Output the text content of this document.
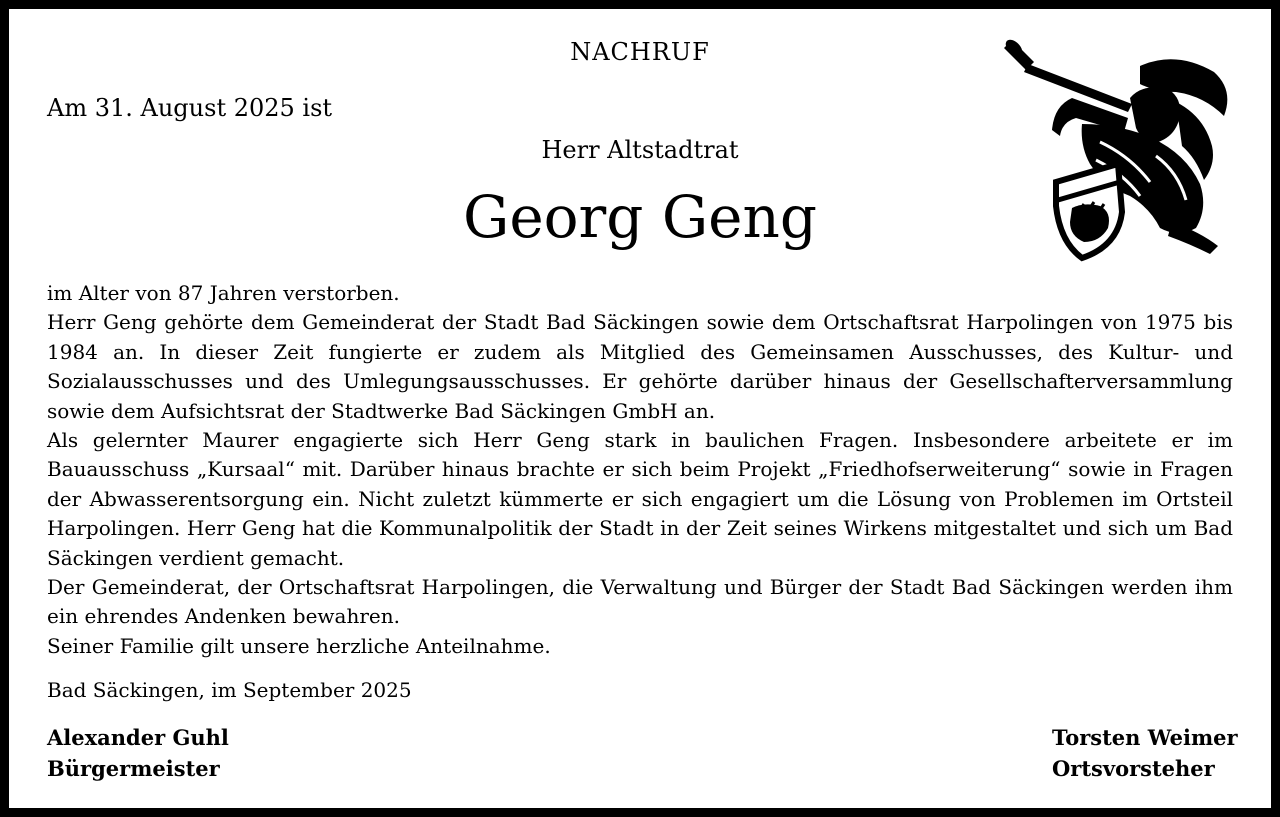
NACHRUF
Am 31. August 2025 ist
Herr Altstadtrat
Georg Geng

im Alter von 87 Jahren verstorben.

Herr Geng gehörte dem Gemeinderat der Stadt Bad Säckingen sowie dem Ortschaftsrat Harpolingen von 1975 bis 1984 an. In dieser Zeit fungierte er zudem als Mitglied des Gemeinsamen Ausschusses, des Kultur- und Sozialausschusses und des Umlegungsausschusses. Er gehörte darüber hinaus der Gesellschafterversammlung sowie dem Aufsichtsrat der Stadtwerke Bad Säckingen GmbH an.

Als gelernter Maurer engagierte sich Herr Geng stark in baulichen Fragen. Insbesondere arbeitete er im Bauausschuss „Kursaal“ mit. Darüber hinaus brachte er sich beim Projekt „Friedhofserweiterung“ sowie in Fragen der Abwasserentsorgung ein. Nicht zuletzt kümmerte er sich engagiert um die Lösung von Problemen im Ortsteil Harpolingen. Herr Geng hat die Kommunalpolitik der Stadt in der Zeit seines Wirkens mitgestaltet und sich um Bad Säckingen verdient gemacht.

Der Gemeinderat, der Ortschaftsrat Harpolingen, die Verwaltung und Bürger der Stadt Bad Säckingen werden ihm ein ehrendes Andenken bewahren.

Seiner Familie gilt unsere herzliche Anteilnahme.

Bad Säckingen, im September 2025
Alexander Guhl
Bürgermeister
Torsten Weimer
Ortsvorsteher
